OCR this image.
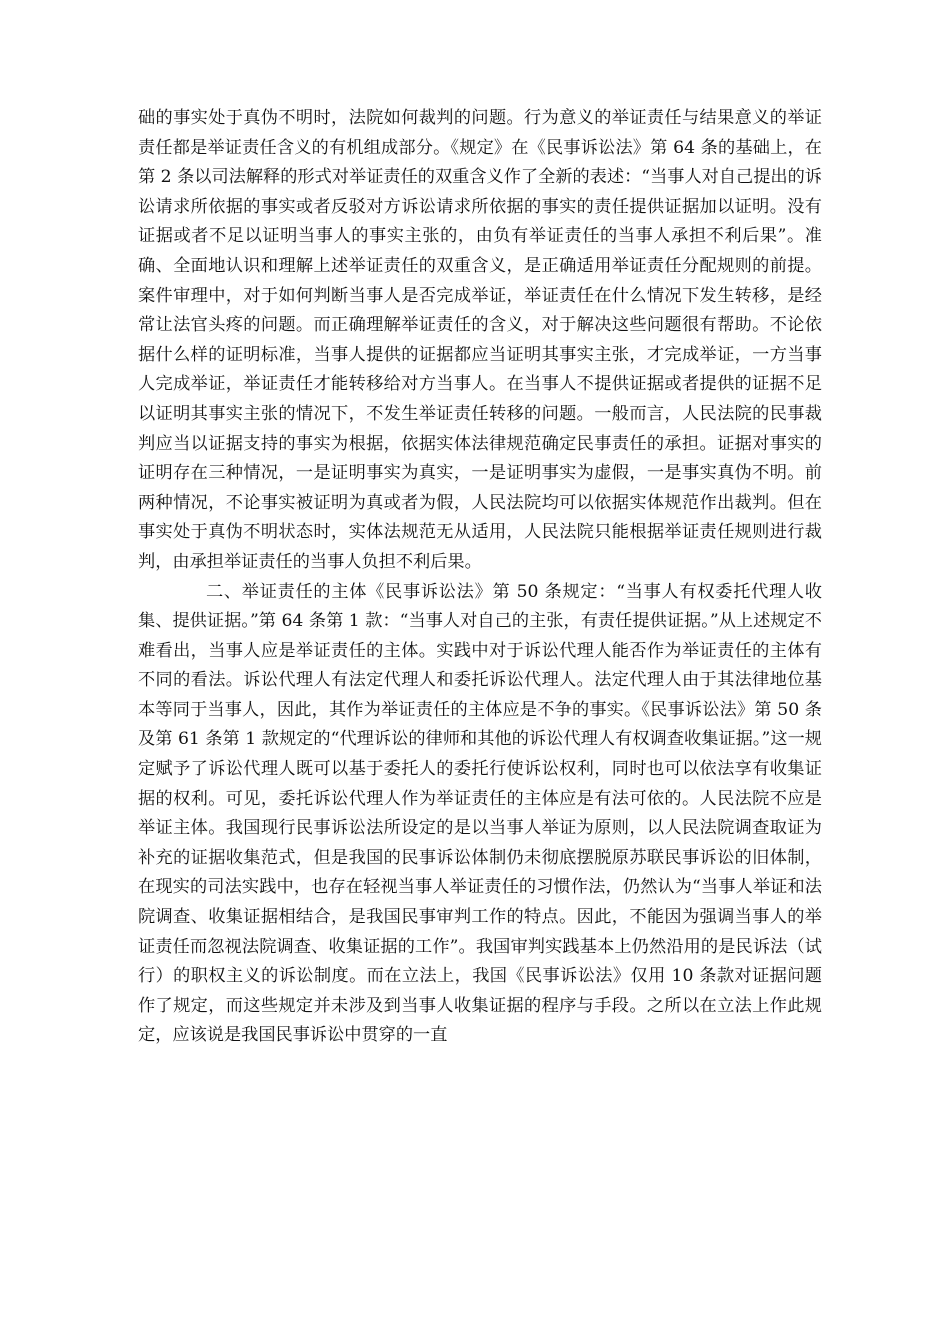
础的事实处于真伪不明时，法院如何裁判的问题。行为意义的举证责任与结果意义的举证责任都是举证责任含义的有机组成部分。《规定》在《民事诉讼法》第 64 条的基础上，在第 2 条以司法解释的形式对举证责任的双重含义作了全新的表述：“当事人对自己提出的诉讼请求所依据的事实或者反驳对方诉讼请求所依据的事实的责任提供证据加以证明。没有证据或者不足以证明当事人的事实主张的，由负有举证责任的当事人承担不利后果”。准确、全面地认识和理解上述举证责任的双重含义，是正确适用举证责任分配规则的前提。案件审理中，对于如何判断当事人是否完成举证，举证责任在什么情况下发生转移，是经常让法官头疼的问题。而正确理解举证责任的含义，对于解决这些问题很有帮助。不论依据什么样的证明标准，当事人提供的证据都应当证明其事实主张，才完成举证，一方当事人完成举证，举证责任才能转移给对方当事人。在当事人不提供证据或者提供的证据不足以证明其事实主张的情况下，不发生举证责任转移的问题。一般而言，人民法院的民事裁判应当以证据支持的事实为根据，依据实体法律规范确定民事责任的承担。证据对事实的证明存在三种情况，一是证明事实为真实，一是证明事实为虚假，一是事实真伪不明。前两种情况，不论事实被证明为真或者为假，人民法院均可以依据实体规范作出裁判。但在事实处于真伪不明状态时，实体法规范无从适用，人民法院只能根据举证责任规则进行裁判，由承担举证责任的当事人负担不利后果。

二、举证责任的主体《民事诉讼法》第 50 条规定：“当事人有权委托代理人收集、提供证据。”第 64 条第 1 款：“当事人对自己的主张，有责任提供证据。”从上述规定不难看出，当事人应是举证责任的主体。实践中对于诉讼代理人能否作为举证责任的主体有不同的看法。诉讼代理人有法定代理人和委托诉讼代理人。法定代理人由于其法律地位基本等同于当事人，因此，其作为举证责任的主体应是不争的事实。《民事诉讼法》第 50 条及第 61 条第 1 款规定的“代理诉讼的律师和其他的诉讼代理人有权调查收集证据。”这一规定赋予了诉讼代理人既可以基于委托人的委托行使诉讼权利，同时也可以依法享有收集证据的权利。可见，委托诉讼代理人作为举证责任的主体应是有法可依的。人民法院不应是举证主体。我国现行民事诉讼法所设定的是以当事人举证为原则，以人民法院调查取证为补充的证据收集范式，但是我国的民事诉讼体制仍未彻底摆脱原苏联民事诉讼的旧体制，在现实的司法实践中，也存在轻视当事人举证责任的习惯作法，仍然认为“当事人举证和法院调查、收集证据相结合，是我国民事审判工作的特点。因此，不能因为强调当事人的举证责任而忽视法院调查、收集证据的工作”。我国审判实践基本上仍然沿用的是民诉法（试行）的职权主义的诉讼制度。而在立法上，我国《民事诉讼法》仅用 10 条款对证据问题作了规定，而这些规定并未涉及到当事人收集证据的程序与手段。之所以在立法上作此规定，应该说是我国民事诉讼中贯穿的一直
